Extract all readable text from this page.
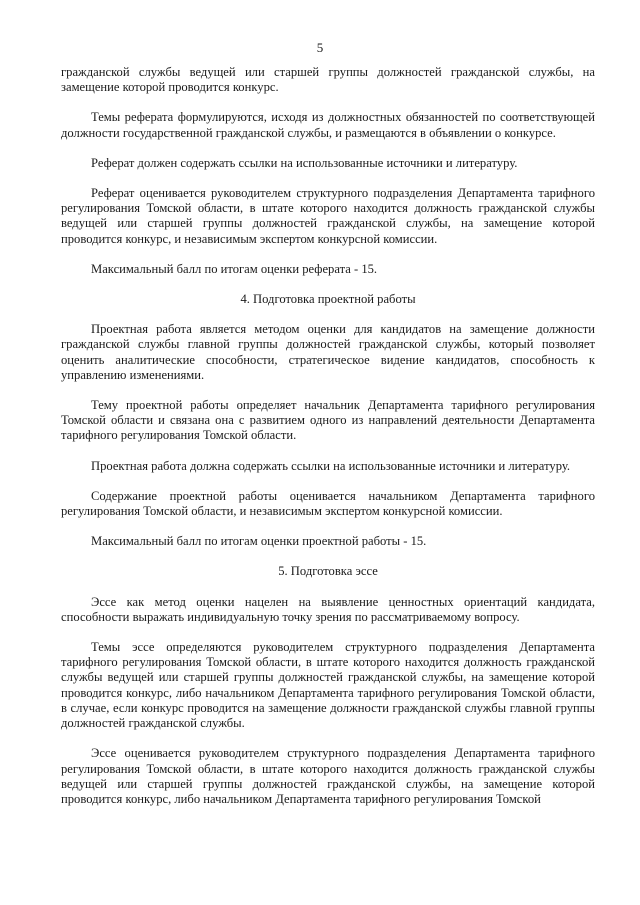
5

гражданской службы ведущей или старшей группы должностей гражданской службы, на замещение которой проводится конкурс.

Темы реферата формулируются, исходя из должностных обязанностей по соответствующей должности государственной гражданской службы, и размещаются в объявлении о конкурсе.

Реферат должен содержать ссылки на использованные источники и литературу.

Реферат оценивается руководителем структурного подразделения Департамента тарифного регулирования Томской области, в штате которого находится должность гражданской службы ведущей или старшей группы должностей гражданской службы, на замещение которой проводится конкурс, и независимым экспертом конкурсной комиссии.

Максимальный балл по итогам оценки реферата - 15.

4. Подготовка проектной работы

Проектная работа является методом оценки для кандидатов на замещение должности гражданской службы главной группы должностей гражданской службы, который позволяет оценить аналитические способности, стратегическое видение кандидатов, способность к управлению изменениями.

Тему проектной работы определяет начальник Департамента тарифного регулирования Томской области и связана она с развитием одного из направлений деятельности Департамента тарифного регулирования Томской области.

Проектная работа должна содержать ссылки на использованные источники и литературу.

Содержание проектной работы оценивается начальником Департамента тарифного регулирования Томской области, и независимым экспертом конкурсной комиссии.

Максимальный балл по итогам оценки проектной работы - 15.

5. Подготовка эссе

Эссе как метод оценки нацелен на выявление ценностных ориентаций кандидата, способности выражать индивидуальную точку зрения по рассматриваемому вопросу.

Темы эссе определяются руководителем структурного подразделения Департамента тарифного регулирования Томской области, в штате которого находится должность гражданской службы ведущей или старшей группы должностей гражданской службы, на замещение которой проводится конкурс, либо начальником Департамента тарифного регулирования Томской области, в случае, если конкурс проводится на замещение должности гражданской службы главной группы должностей гражданской службы.

Эссе оценивается руководителем структурного подразделения Департамента тарифного регулирования Томской области, в штате которого находится должность гражданской службы ведущей или старшей группы должностей гражданской службы, на замещение которой проводится конкурс, либо начальником Департамента тарифного регулирования Томской
